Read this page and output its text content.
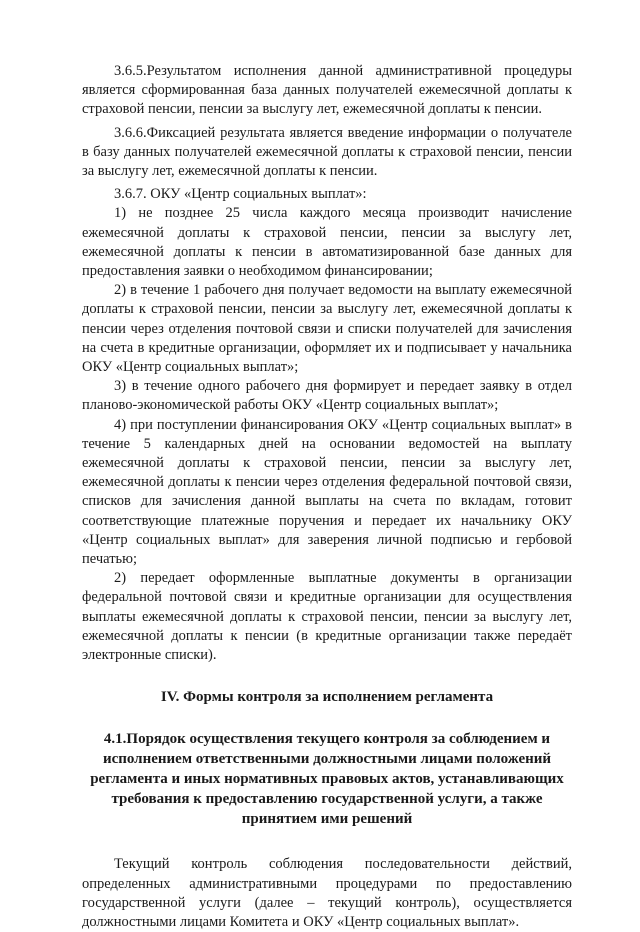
3.6.5.Результатом исполнения данной административной процедуры является сформированная база данных получателей ежемесячной доплаты к страховой пенсии, пенсии за выслугу лет, ежемесячной доплаты к пенсии.

3.6.6.Фиксацией результата является введение информации о получателе в базу данных получателей ежемесячной доплаты к страховой пенсии, пенсии за выслугу лет, ежемесячной доплаты к пенсии.

3.6.7. ОКУ «Центр социальных выплат»:

1) не позднее 25 числа каждого месяца производит начисление ежемесячной доплаты к страховой пенсии, пенсии за выслугу лет, ежемесячной доплаты к пенсии в автоматизированной базе данных для предоставления заявки о необходимом финансировании;

2) в течение 1 рабочего дня получает ведомости на выплату ежемесячной доплаты к страховой пенсии, пенсии за выслугу лет, ежемесячной доплаты к пенсии через отделения почтовой связи и списки получателей для зачисления на счета в кредитные организации, оформляет их и подписывает у начальника ОКУ «Центр социальных выплат»;

3) в течение одного рабочего дня формирует и передает заявку в отдел планово-экономической работы ОКУ «Центр социальных выплат»;

4) при поступлении финансирования ОКУ «Центр социальных выплат» в течение 5 календарных дней на основании ведомостей на выплату ежемесячной доплаты к страховой пенсии, пенсии за выслугу лет, ежемесячной доплаты к пенсии через отделения федеральной почтовой связи, списков для зачисления данной выплаты на счета по вкладам, готовит соответствующие платежные поручения и передает их начальнику ОКУ «Центр социальных выплат» для заверения личной подписью и гербовой печатью;

2) передает оформленные выплатные документы в организации федеральной почтовой связи и кредитные организации для осуществления выплаты ежемесячной доплаты к страховой пенсии, пенсии за выслугу лет, ежемесячной доплаты к пенсии (в кредитные организации также передаёт электронные списки).

IV. Формы контроля за исполнением регламента
4.1.Порядок осуществления текущего контроля за соблюдением и исполнением ответственными должностными лицами положений регламента и иных нормативных правовых актов, устанавливающих требования к предоставлению государственной услуги, а также принятием ими решений

Текущий контроль соблюдения последовательности действий, определенных административными процедурами по предоставлению государственной услуги (далее – текущий контроль), осуществляется должностными лицами Комитета и ОКУ «Центр социальных выплат».
